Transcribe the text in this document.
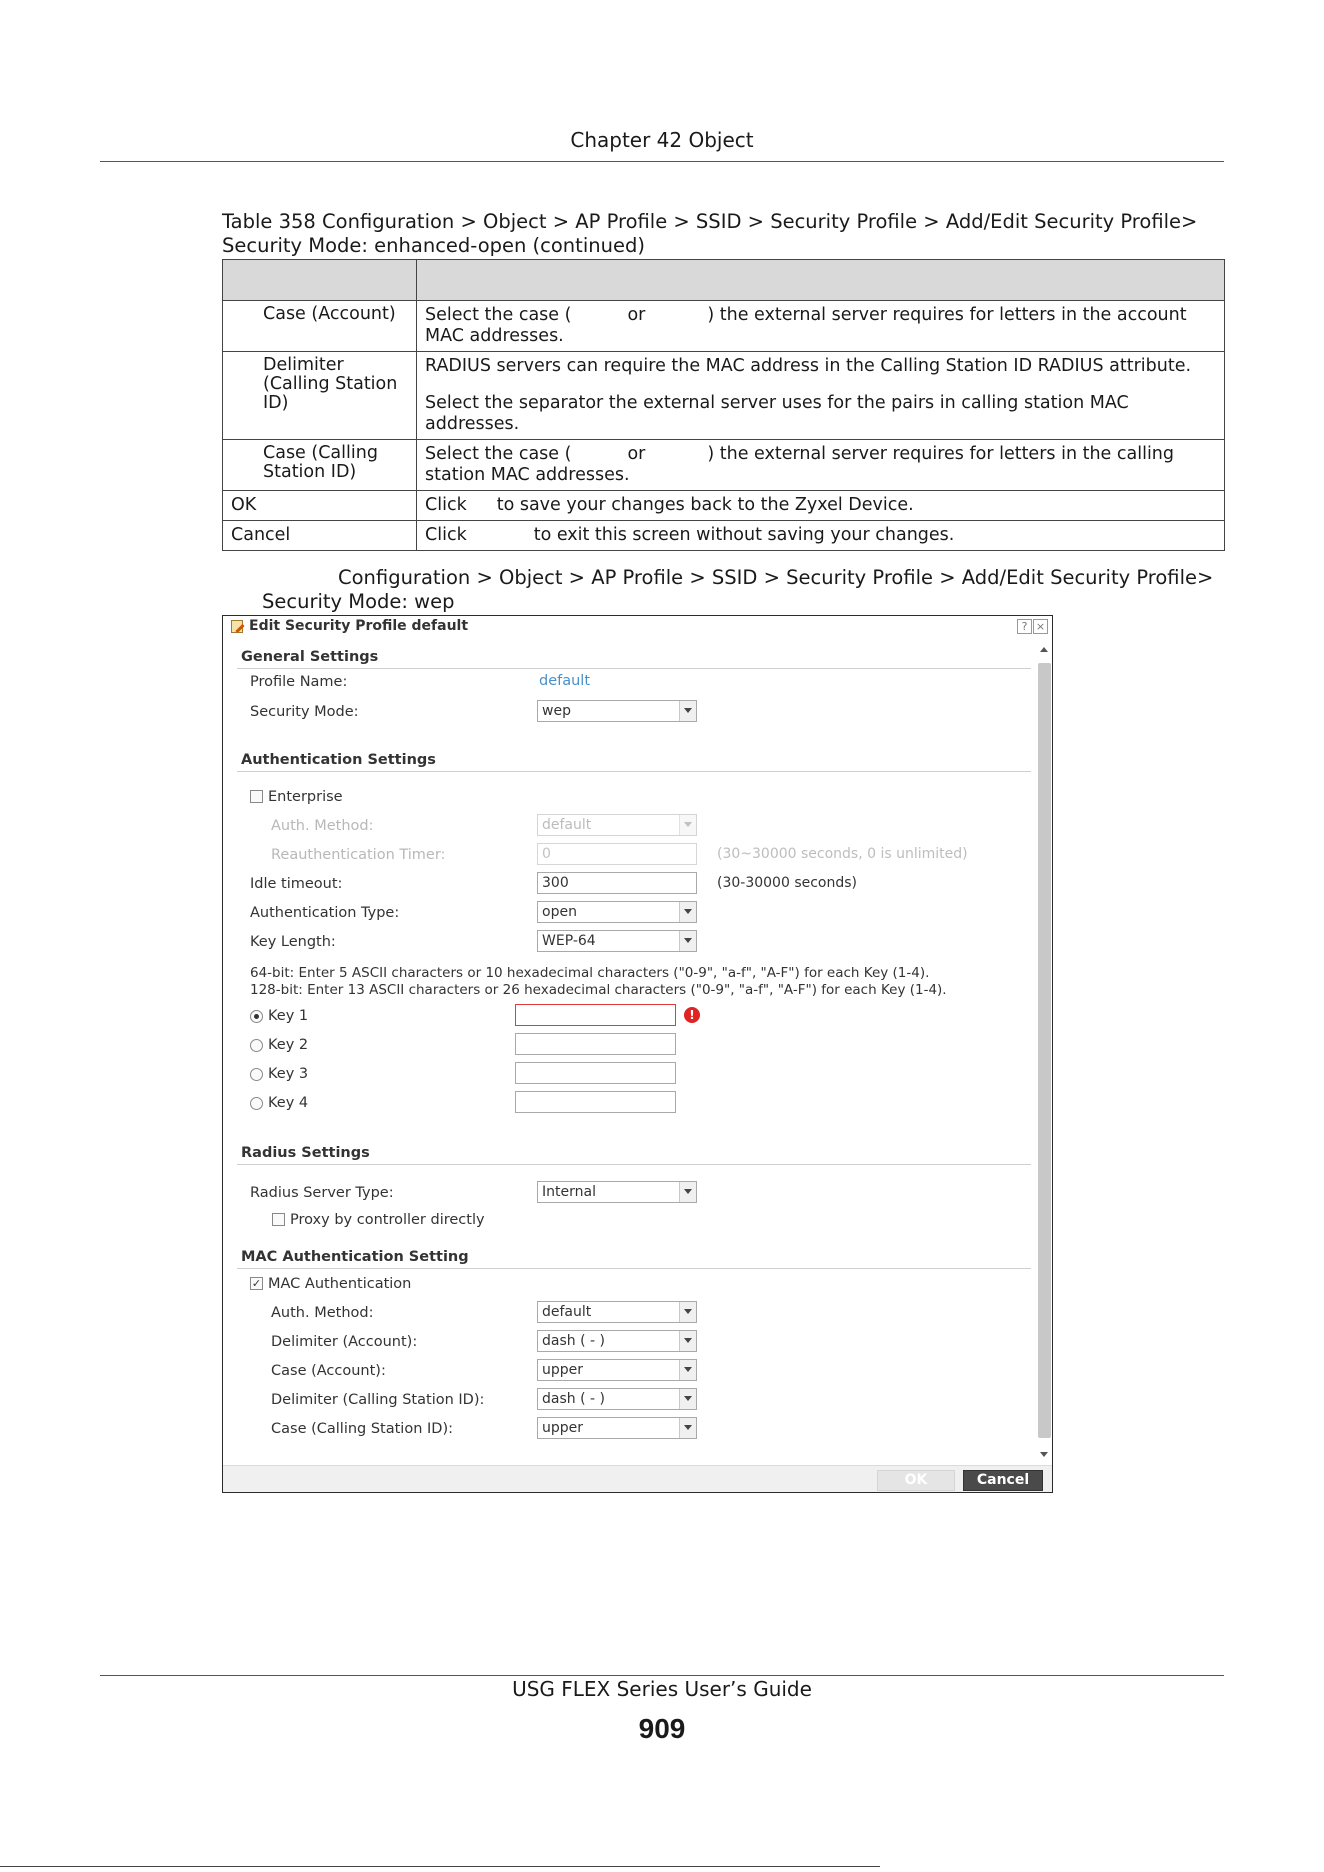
Chapter 42 Object
Table 358 Configuration > Object > AP Profile > SSID > Security Profile > Add/Edit Security Profile>
Security Mode: enhanced-open (continued)

Case (Account)	Select the case ( or ) the external server requires for letters in the account MAC addresses.
Delimiter (Calling Station ID)	RADIUS servers can require the MAC address in the Calling Station ID RADIUS attribute.

Select the separator the external server uses for the pairs in calling station MAC addresses.

Case (Calling Station ID)	Select the case ( or ) the external server requires for letters in the calling station MAC addresses.
OK	Click to save your changes back to the Zyxel Device.
Cancel	Click to exit this screen without saving your changes.
Configuration > Object > AP Profile > SSID > Security Profile > Add/Edit Security Profile>
Security Mode: wep
Edit Security Profile default	? ×
General Settings
Profile Name:	default
Security Mode:	wep
Authentication Settings
Enterprise
Auth. Method:	default
Reauthentication Timer:	0	(30~30000 seconds, 0 is unlimited)
Idle timeout:	300	(30-30000 seconds)
Authentication Type:	open
Key Length:	WEP-64
64-bit: Enter 5 ASCII characters or 10 hexadecimal characters ("0-9", "a-f", "A-F") for each Key (1-4).
128-bit: Enter 13 ASCII characters or 26 hexadecimal characters ("0-9", "a-f", "A-F") for each Key (1-4).
Key 1	!
Key 2
Key 3
Key 4
Radius Settings
Radius Server Type:	Internal
Proxy by controller directly
MAC Authentication Setting
✓ MAC Authentication
Auth. Method:	default
Delimiter (Account):	dash ( - )
Case (Account):	upper
Delimiter (Calling Station ID):	dash ( - )
Case (Calling Station ID):	upper
OK	Cancel
USG FLEX Series User’s Guide
909
